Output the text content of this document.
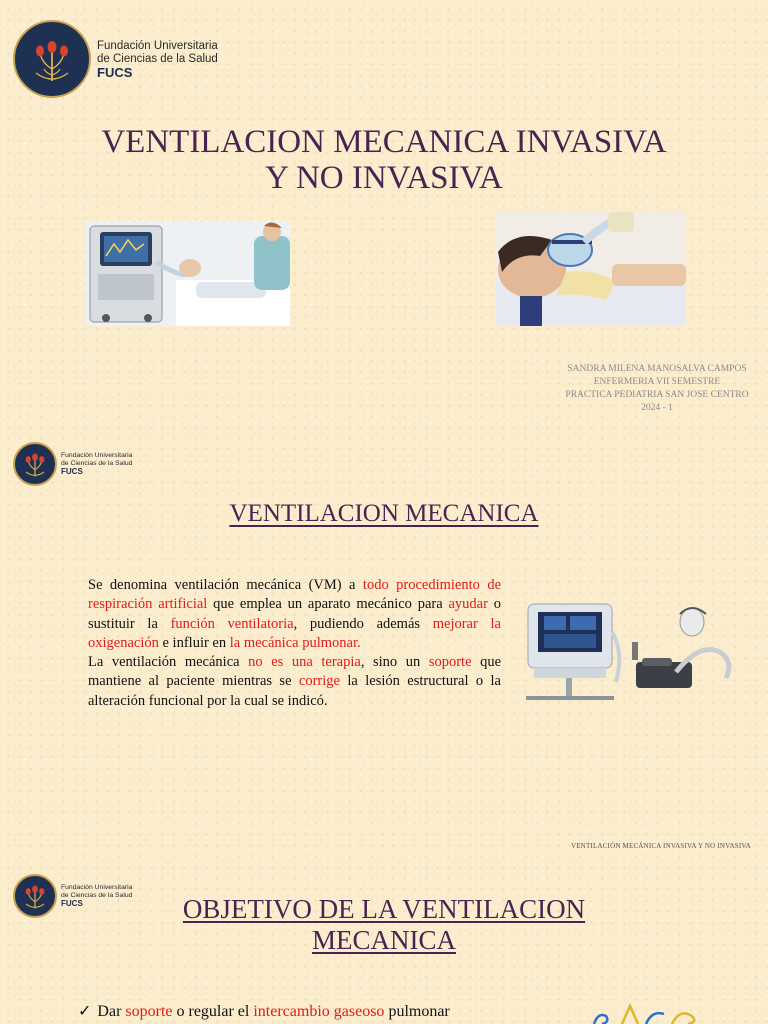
Fundación Universitaria
de Ciencias de la Salud
FUCS
VENTILACION MECANICA INVASIVA
Y NO INVASIVA
SANDRA MILENA MANOSALVA CAMPOS
ENFERMERIA VII SEMESTRE
PRACTICA PEDIATRIA SAN JOSE CENTRO
2024 - 1
Fundación Universitaria
de Ciencias de la Salud
FUCS
VENTILACION MECANICA
Se denomina ventilación mecánica (VM) a todo procedimiento de respiración artificial que emplea un aparato mecánico para ayudar o sustituir la función ventilatoria, pudiendo además mejorar la oxigenación e influir en la mecánica pulmonar.
La ventilación mecánica no es una terapia, sino un soporte que mantiene al paciente mientras se corrige la lesión estructural o la alteración funcional por la cual se indicó.
VENTILACIÓN MECÁNICA INVASIVA Y NO INVASIVA
Fundación Universitaria
de Ciencias de la Salud
FUCS	OBJETIVO DE LA VENTILACION
MECANICA
✓ Dar soporte o regular el intercambio gaseoso pulmonar
